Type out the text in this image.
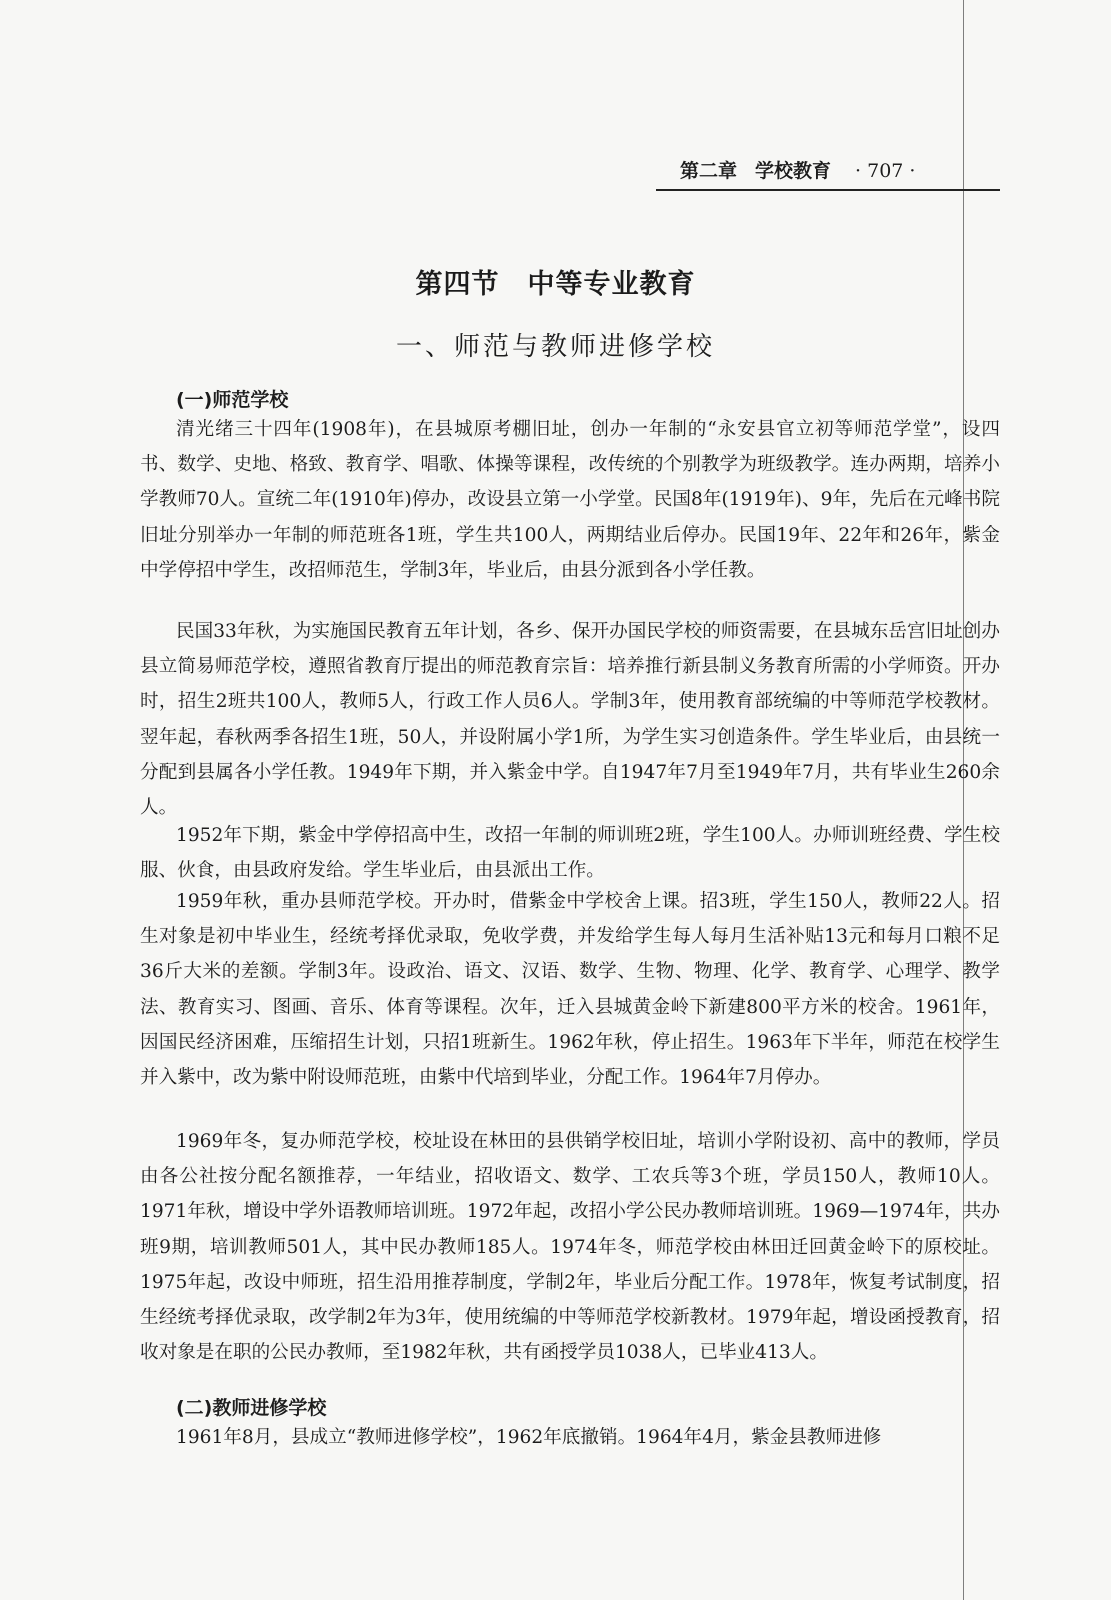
第二章 学校教育 · 707 ·
第四节　中等专业教育
一、师范与教师进修学校
(一)师范学校

清光绪三十四年(1908年)，在县城原考棚旧址，创办一年制的“永安县官立初等师范学堂”，设四书、数学、史地、格致、教育学、唱歌、体操等课程，改传统的个别教学为班级教学。连办两期，培养小学教师70人。宣统二年(1910年)停办，改设县立第一小学堂。民国8年(1919年)、9年，先后在元峰书院旧址分别举办一年制的师范班各1班，学生共100人，两期结业后停办。民国19年、22年和26年，紫金中学停招中学生，改招师范生，学制3年，毕业后，由县分派到各小学任教。

民国33年秋，为实施国民教育五年计划，各乡、保开办国民学校的师资需要，在县城东岳宫旧址创办县立简易师范学校，遵照省教育厅提出的师范教育宗旨：培养推行新县制义务教育所需的小学师资。开办时，招生2班共100人，教师5人，行政工作人员6人。学制3年，使用教育部统编的中等师范学校教材。翌年起，春秋两季各招生1班，50人，并设附属小学1所，为学生实习创造条件。学生毕业后，由县统一分配到县属各小学任教。1949年下期，并入紫金中学。自1947年7月至1949年7月，共有毕业生260余人。

1952年下期，紫金中学停招高中生，改招一年制的师训班2班，学生100人。办师训班经费、学生校服、伙食，由县政府发给。学生毕业后，由县派出工作。

1959年秋，重办县师范学校。开办时，借紫金中学校舍上课。招3班，学生150人，教师22人。招生对象是初中毕业生，经统考择优录取，免收学费，并发给学生每人每月生活补贴13元和每月口粮不足36斤大米的差额。学制3年。设政治、语文、汉语、数学、生物、物理、化学、教育学、心理学、教学法、教育实习、图画、音乐、体育等课程。次年，迁入县城黄金岭下新建800平方米的校舍。1961年，因国民经济困难，压缩招生计划，只招1班新生。1962年秋，停止招生。1963年下半年，师范在校学生并入紫中，改为紫中附设师范班，由紫中代培到毕业，分配工作。1964年7月停办。

1969年冬，复办师范学校，校址设在林田的县供销学校旧址，培训小学附设初、高中的教师，学员由各公社按分配名额推荐，一年结业，招收语文、数学、工农兵等3个班，学员150人，教师10人。1971年秋，增设中学外语教师培训班。1972年起，改招小学公民办教师培训班。1969—1974年，共办班9期，培训教师501人，其中民办教师185人。1974年冬，师范学校由林田迁回黄金岭下的原校址。1975年起，改设中师班，招生沿用推荐制度，学制2年，毕业后分配工作。1978年，恢复考试制度，招生经统考择优录取，改学制2年为3年，使用统编的中等师范学校新教材。1979年起，增设函授教育，招收对象是在职的公民办教师，至1982年秋，共有函授学员1038人，已毕业413人。

(二)教师进修学校

1961年8月，县成立“教师进修学校”，1962年底撤销。1964年4月，紫金县教师进修
